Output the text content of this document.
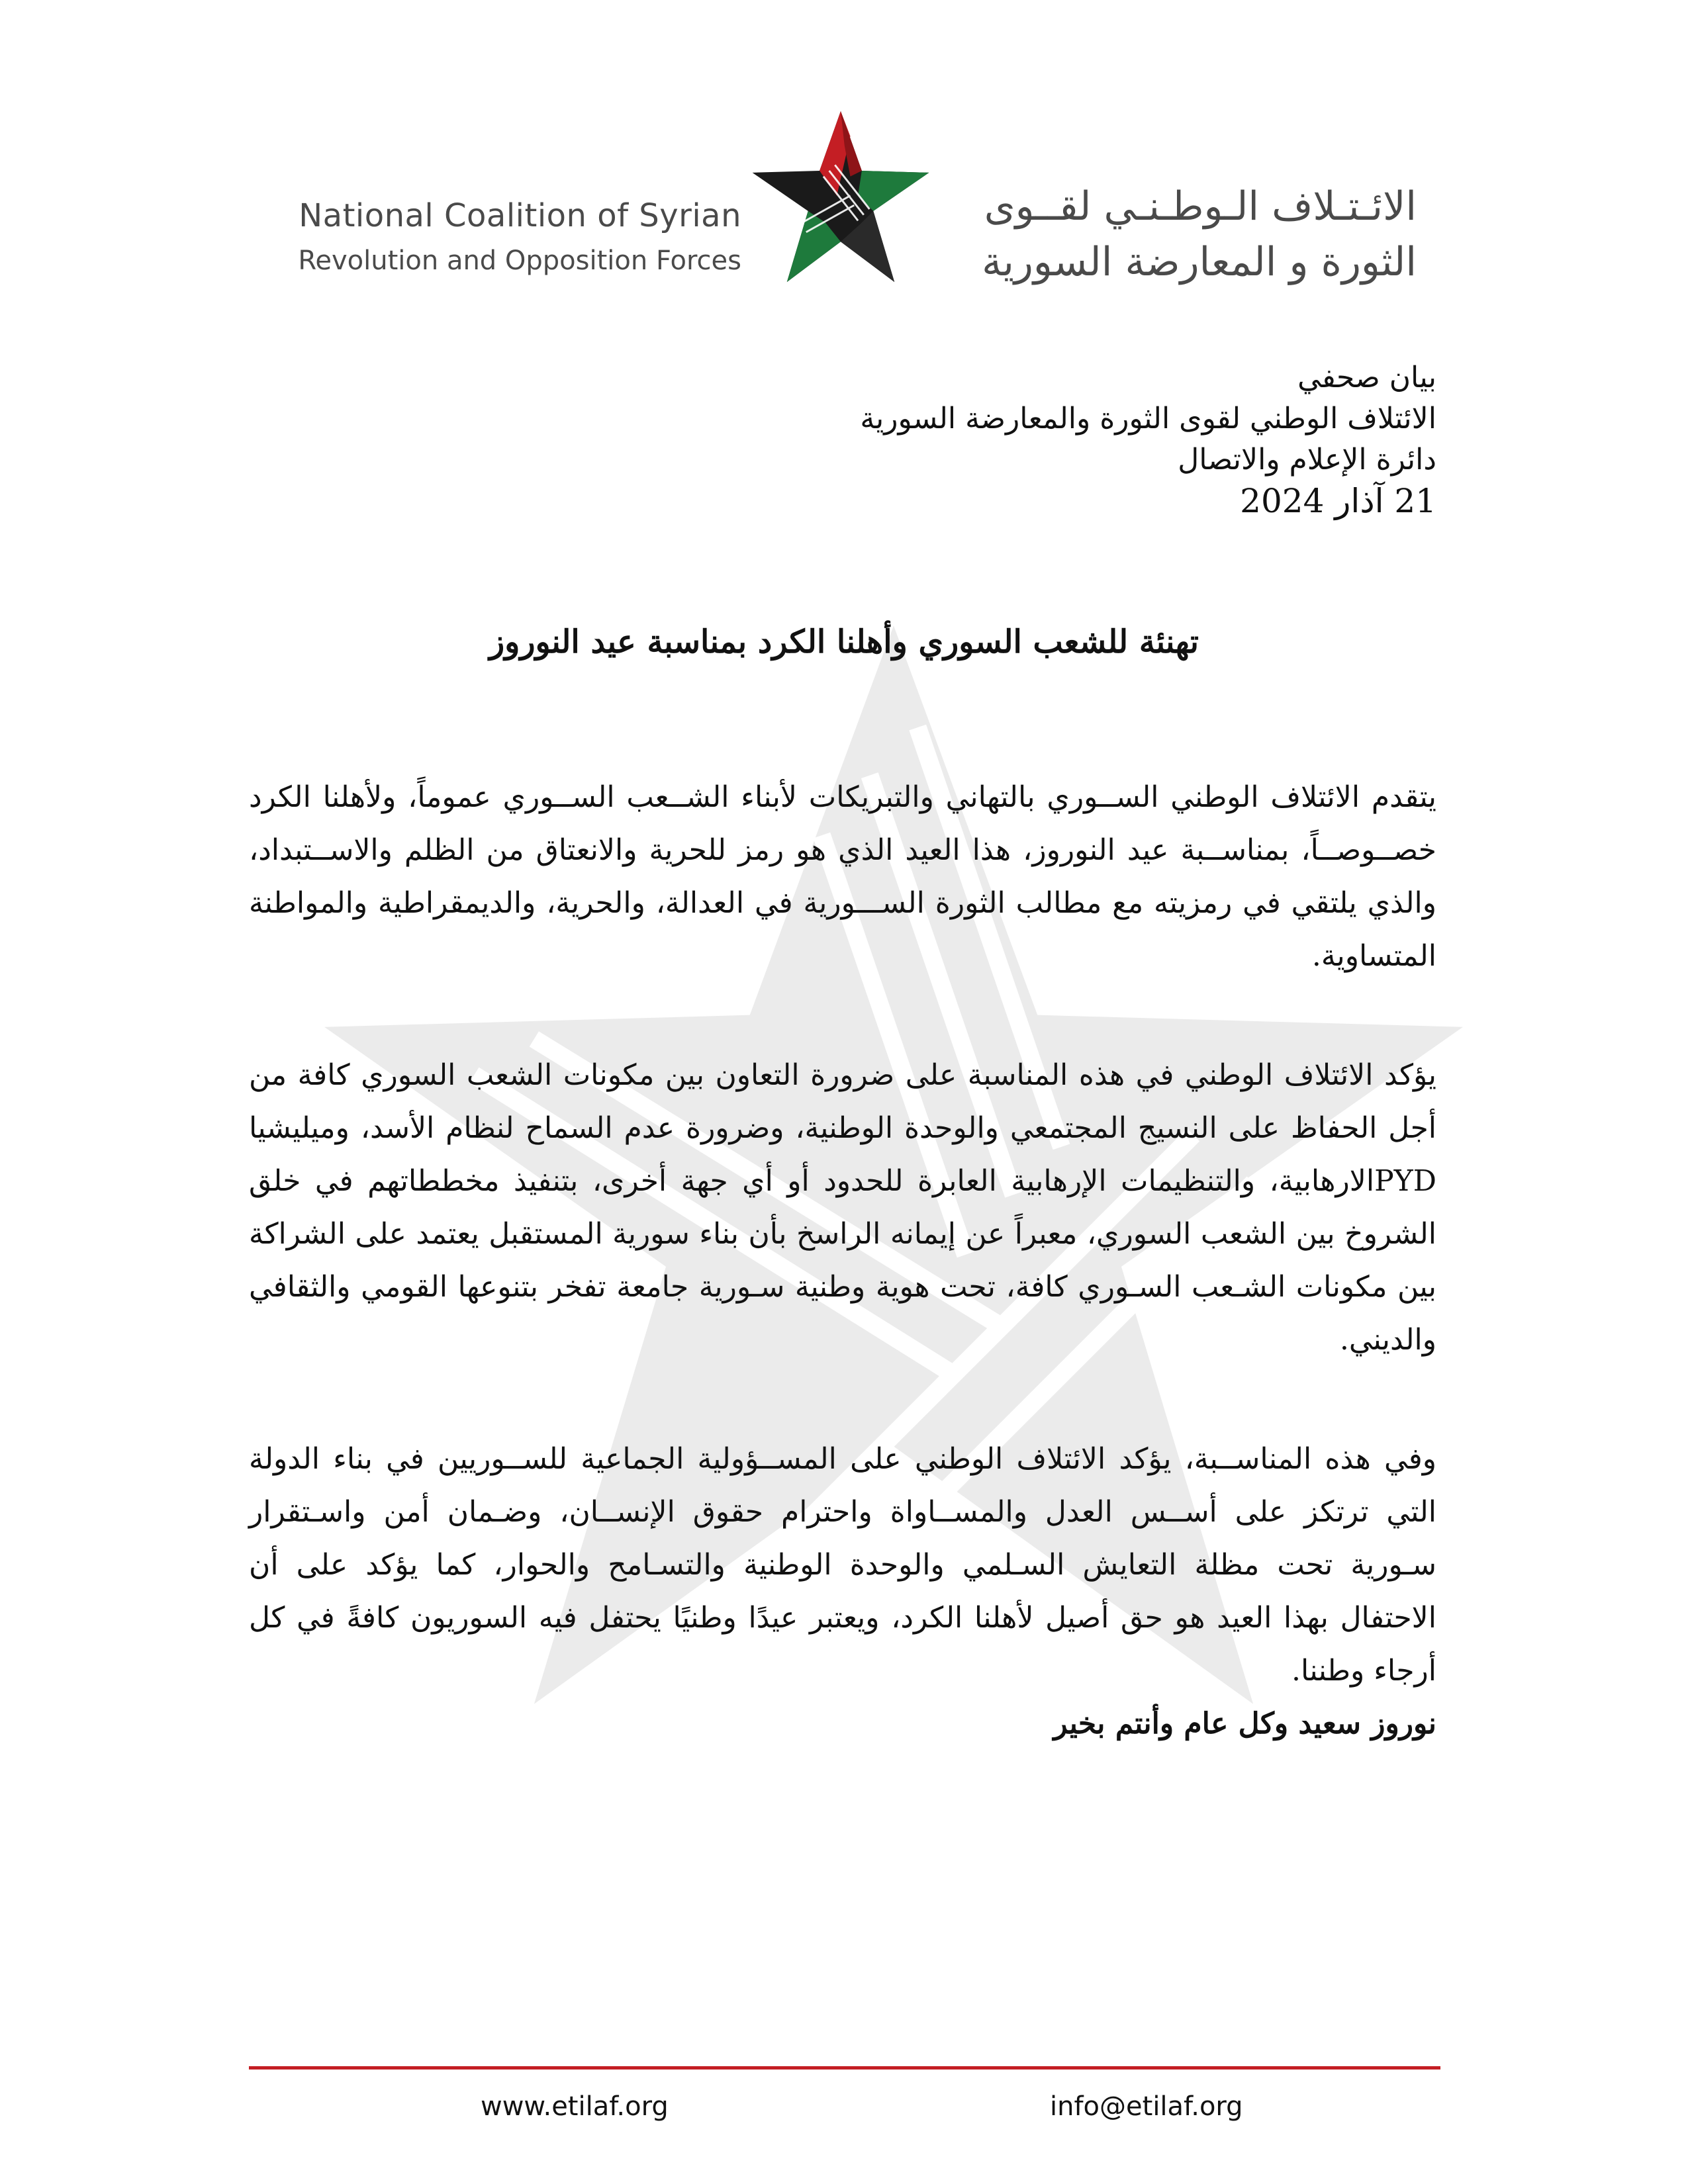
National Coalition of Syrian
Revolution and Opposition Forces
الائـتـلاف الـوطـنـي لقــوى
الثورة و المعارضة السورية
بيان صحفي
الائتلاف الوطني لقوى الثورة والمعارضة السورية
دائرة الإعلام والاتصال
21 آذار 2024
تهنئة للشعب السوري وأهلنا الكرد بمناسبة عيد النوروز

يتقدم الائتلاف الوطني الســوري بالتهاني والتبريكات لأبناء الشــعب الســوري عموماً، ولأهلنا الكرد خصــوصــاً، بمناســبة عيد النوروز، هذا العيد الذي هو رمز للحرية والانعتاق من الظلم والاســتبداد، والذي يلتقي في رمزيته مع مطالب الثورة الســـورية في العدالة، والحرية، والديمقراطية والمواطنة المتساوية.

يؤكد الائتلاف الوطني في هذه المناسبة على ضرورة التعاون بين مكونات الشعب السوري كافة من أجل الحفاظ على النسيج المجتمعي والوحدة الوطنية، وضرورة عدم السماح لنظام الأسد، وميليشيا PYDالارهابية، والتنظيمات الإرهابية العابرة للحدود أو أي جهة أخرى، بتنفيذ مخططاتهم في خلق الشروخ بين الشعب السوري، معبراً عن إيمانه الراسخ بأن بناء سورية المستقبل يعتمد على الشراكة بين مكونات الشـعب السـوري كافة، تحت هوية وطنية سـورية جامعة تفخر بتنوعها القومي والثقافي والديني.

وفي هذه المناســبة، يؤكد الائتلاف الوطني على المســؤولية الجماعية للســوريين في بناء الدولة التي ترتكز على أســس العدل والمســاواة واحترام حقوق الإنســان، وضـمان أمن واسـتقرار سـورية تحت مظلة التعايش السـلمي والوحدة الوطنية والتسـامح والحوار، كما يؤكد على أن الاحتفال بهذا العيد هو حق أصيل لأهلنا الكرد، ويعتبر عيدًا وطنيًا يحتفل فيه السوريون كافةً في كل أرجاء وطننا.

نوروز سعيد وكل عام وأنتم بخير

www.etilaf.org	info@etilaf.org
